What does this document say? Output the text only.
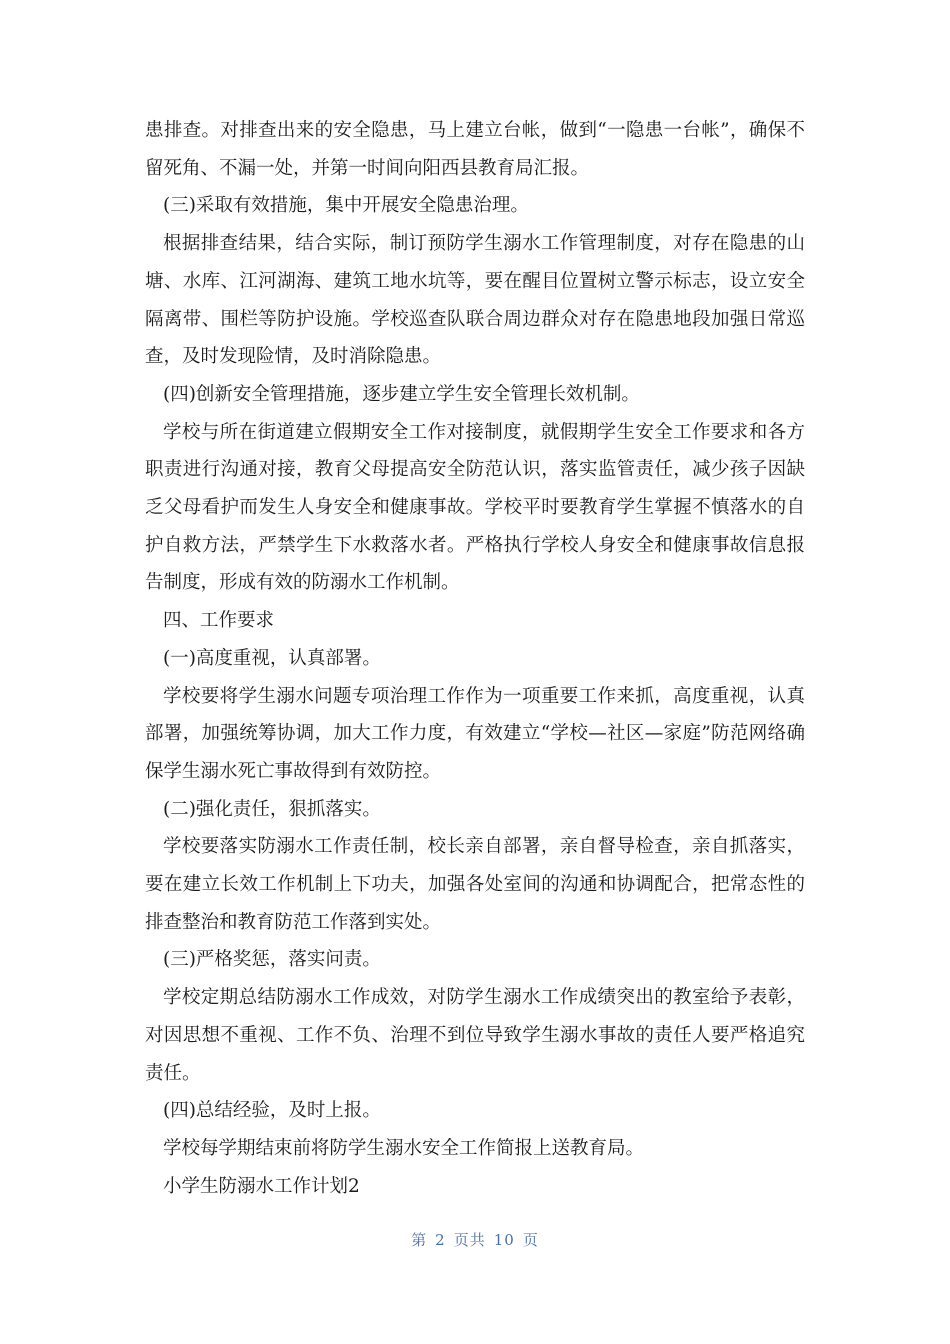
患排查。对排查出来的安全隐患，马上建立台帐，做到“一隐患一台帐”，确保不留死角、不漏一处，并第一时间向阳西县教育局汇报。

(三)采取有效措施，集中开展安全隐患治理。

根据排查结果，结合实际，制订预防学生溺水工作管理制度，对存在隐患的山塘、水库、江河湖海、建筑工地水坑等，要在醒目位置树立警示标志，设立安全隔离带、围栏等防护设施。学校巡查队联合周边群众对存在隐患地段加强日常巡查，及时发现险情，及时消除隐患。

(四)创新安全管理措施，逐步建立学生安全管理长效机制。

学校与所在街道建立假期安全工作对接制度，就假期学生安全工作要求和各方职责进行沟通对接，教育父母提高安全防范认识，落实监管责任，减少孩子因缺乏父母看护而发生人身安全和健康事故。学校平时要教育学生掌握不慎落水的自护自救方法，严禁学生下水救落水者。严格执行学校人身安全和健康事故信息报告制度，形成有效的防溺水工作机制。

四、工作要求

(一)高度重视，认真部署。

学校要将学生溺水问题专项治理工作作为一项重要工作来抓，高度重视，认真部署，加强统筹协调，加大工作力度，有效建立“学校—社区—家庭”防范网络确保学生溺水死亡事故得到有效防控。

(二)强化责任，狠抓落实。

学校要落实防溺水工作责任制，校长亲自部署，亲自督导检查，亲自抓落实，要在建立长效工作机制上下功夫，加强各处室间的沟通和协调配合，把常态性的排查整治和教育防范工作落到实处。

(三)严格奖惩，落实问责。

学校定期总结防溺水工作成效，对防学生溺水工作成绩突出的教室给予表彰，对因思想不重视、工作不负、治理不到位导致学生溺水事故的责任人要严格追究责任。

(四)总结经验，及时上报。

学校每学期结束前将防学生溺水安全工作简报上送教育局。

小学生防溺水工作计划2

第 2 页共 10 页
